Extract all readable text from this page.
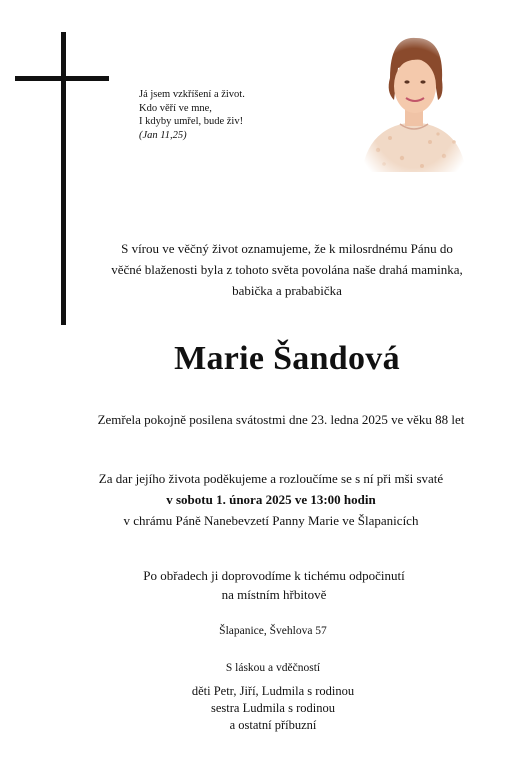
Já jsem vzkříšení a život.
Kdo věří ve mne,
I kdyby umřel, bude živ!
(Jan 11,25)
S vírou ve věčný život oznamujeme, že k milosrdnému Pánu do
věčné blaženosti byla z tohoto světa povolána naše drahá maminka,
babička a prababička
Marie Šandová
Zemřela pokojně posilena svátostmi dne 23. ledna 2025 ve věku 88 let
Za dar jejího života poděkujeme a rozloučíme se s ní při mši svaté
v sobotu 1. února 2025 ve 13:00 hodin
v chrámu Páně Nanebevzetí Panny Marie ve Šlapanicích
Po obřadech ji doprovodíme k tichému odpočinutí
na místním hřbitově
Šlapanice, Švehlova 57
S láskou a vděčností
děti Petr, Jiří, Ludmila s rodinou
sestra Ludmila s rodinou
a ostatní příbuzní
